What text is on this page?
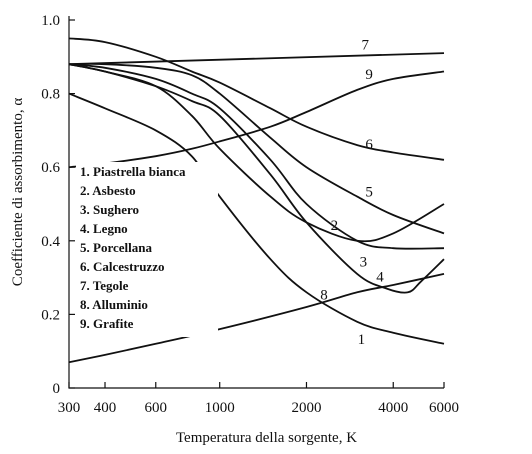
1
2
3
4
5
6
7
8
9
0
0.2
0.4
0.6
0.8
1.0
300 400 600	1000	2000	4000 6000
1. Piastrella bianca
2. Asbesto
3. Sughero
4. Legno
5. Porcellana
6. Calcestruzzo
7. Tegole
8. Alluminio
9. Grafite
Temperatura della sorgente, K
Coefficiente di assorbimento, α
